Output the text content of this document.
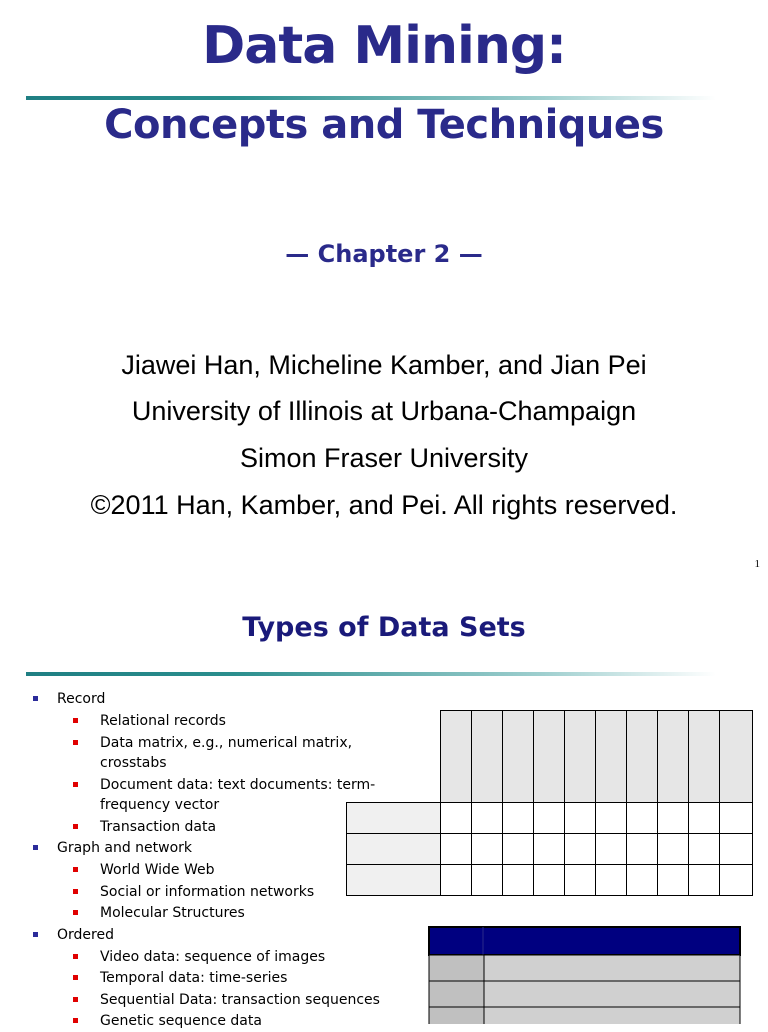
Data Mining:
Concepts and Techniques
— Chapter 2 —
Jiawei Han, Micheline Kamber, and Jian Pei
University of Illinois at Urbana-Champaign
Simon Fraser University
©2011 Han, Kamber, and Pei. All rights reserved.
1
Types of Data Sets
Record
Relational records
Data matrix, e.g., numerical matrix, crosstabs
Document data: text documents: term-frequency vector
Transaction data
Graph and network
World Wide Web
Social or information networks
Molecular Structures
Ordered
Video data: sequence of images
Temporal data: time-series
Sequential Data: transaction sequences
Genetic sequence data
